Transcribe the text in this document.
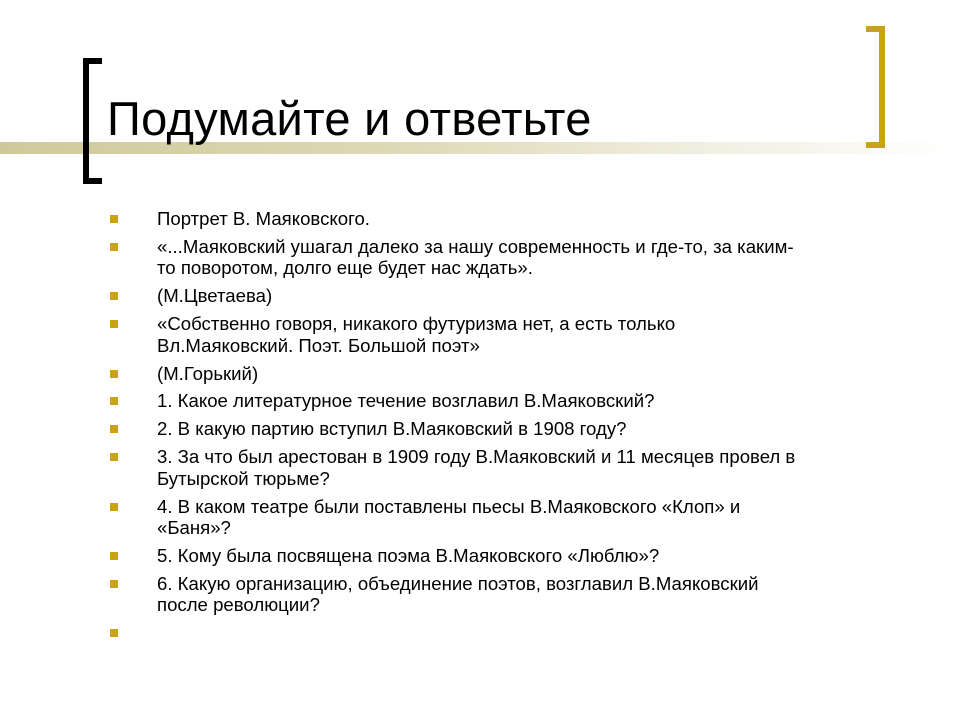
Подумайте и ответьте
Портрет В. Маяковского.
«...Маяковский ушагал далеко за нашу современность и где-то, за каким-
то поворотом, долго еще будет нас ждать».
(М.Цветаева)
«Собственно говоря, никакого футуризма нет, а есть только
Вл.Маяковский. Поэт. Большой поэт»
(М.Горький)
1. Какое литературное течение возглавил В.Маяковский?
2. В какую партию вступил В.Маяковский в 1908 году?
3. За что был арестован в 1909 году В.Маяковский и 11 месяцев провел в
Бутырской тюрьме?
4. В каком театре были поставлены пьесы В.Маяковского «Клоп» и
«Баня»?
5. Кому была посвящена поэма В.Маяковского «Люблю»?
6. Какую организацию, объединение поэтов, возглавил В.Маяковский
после революции?
